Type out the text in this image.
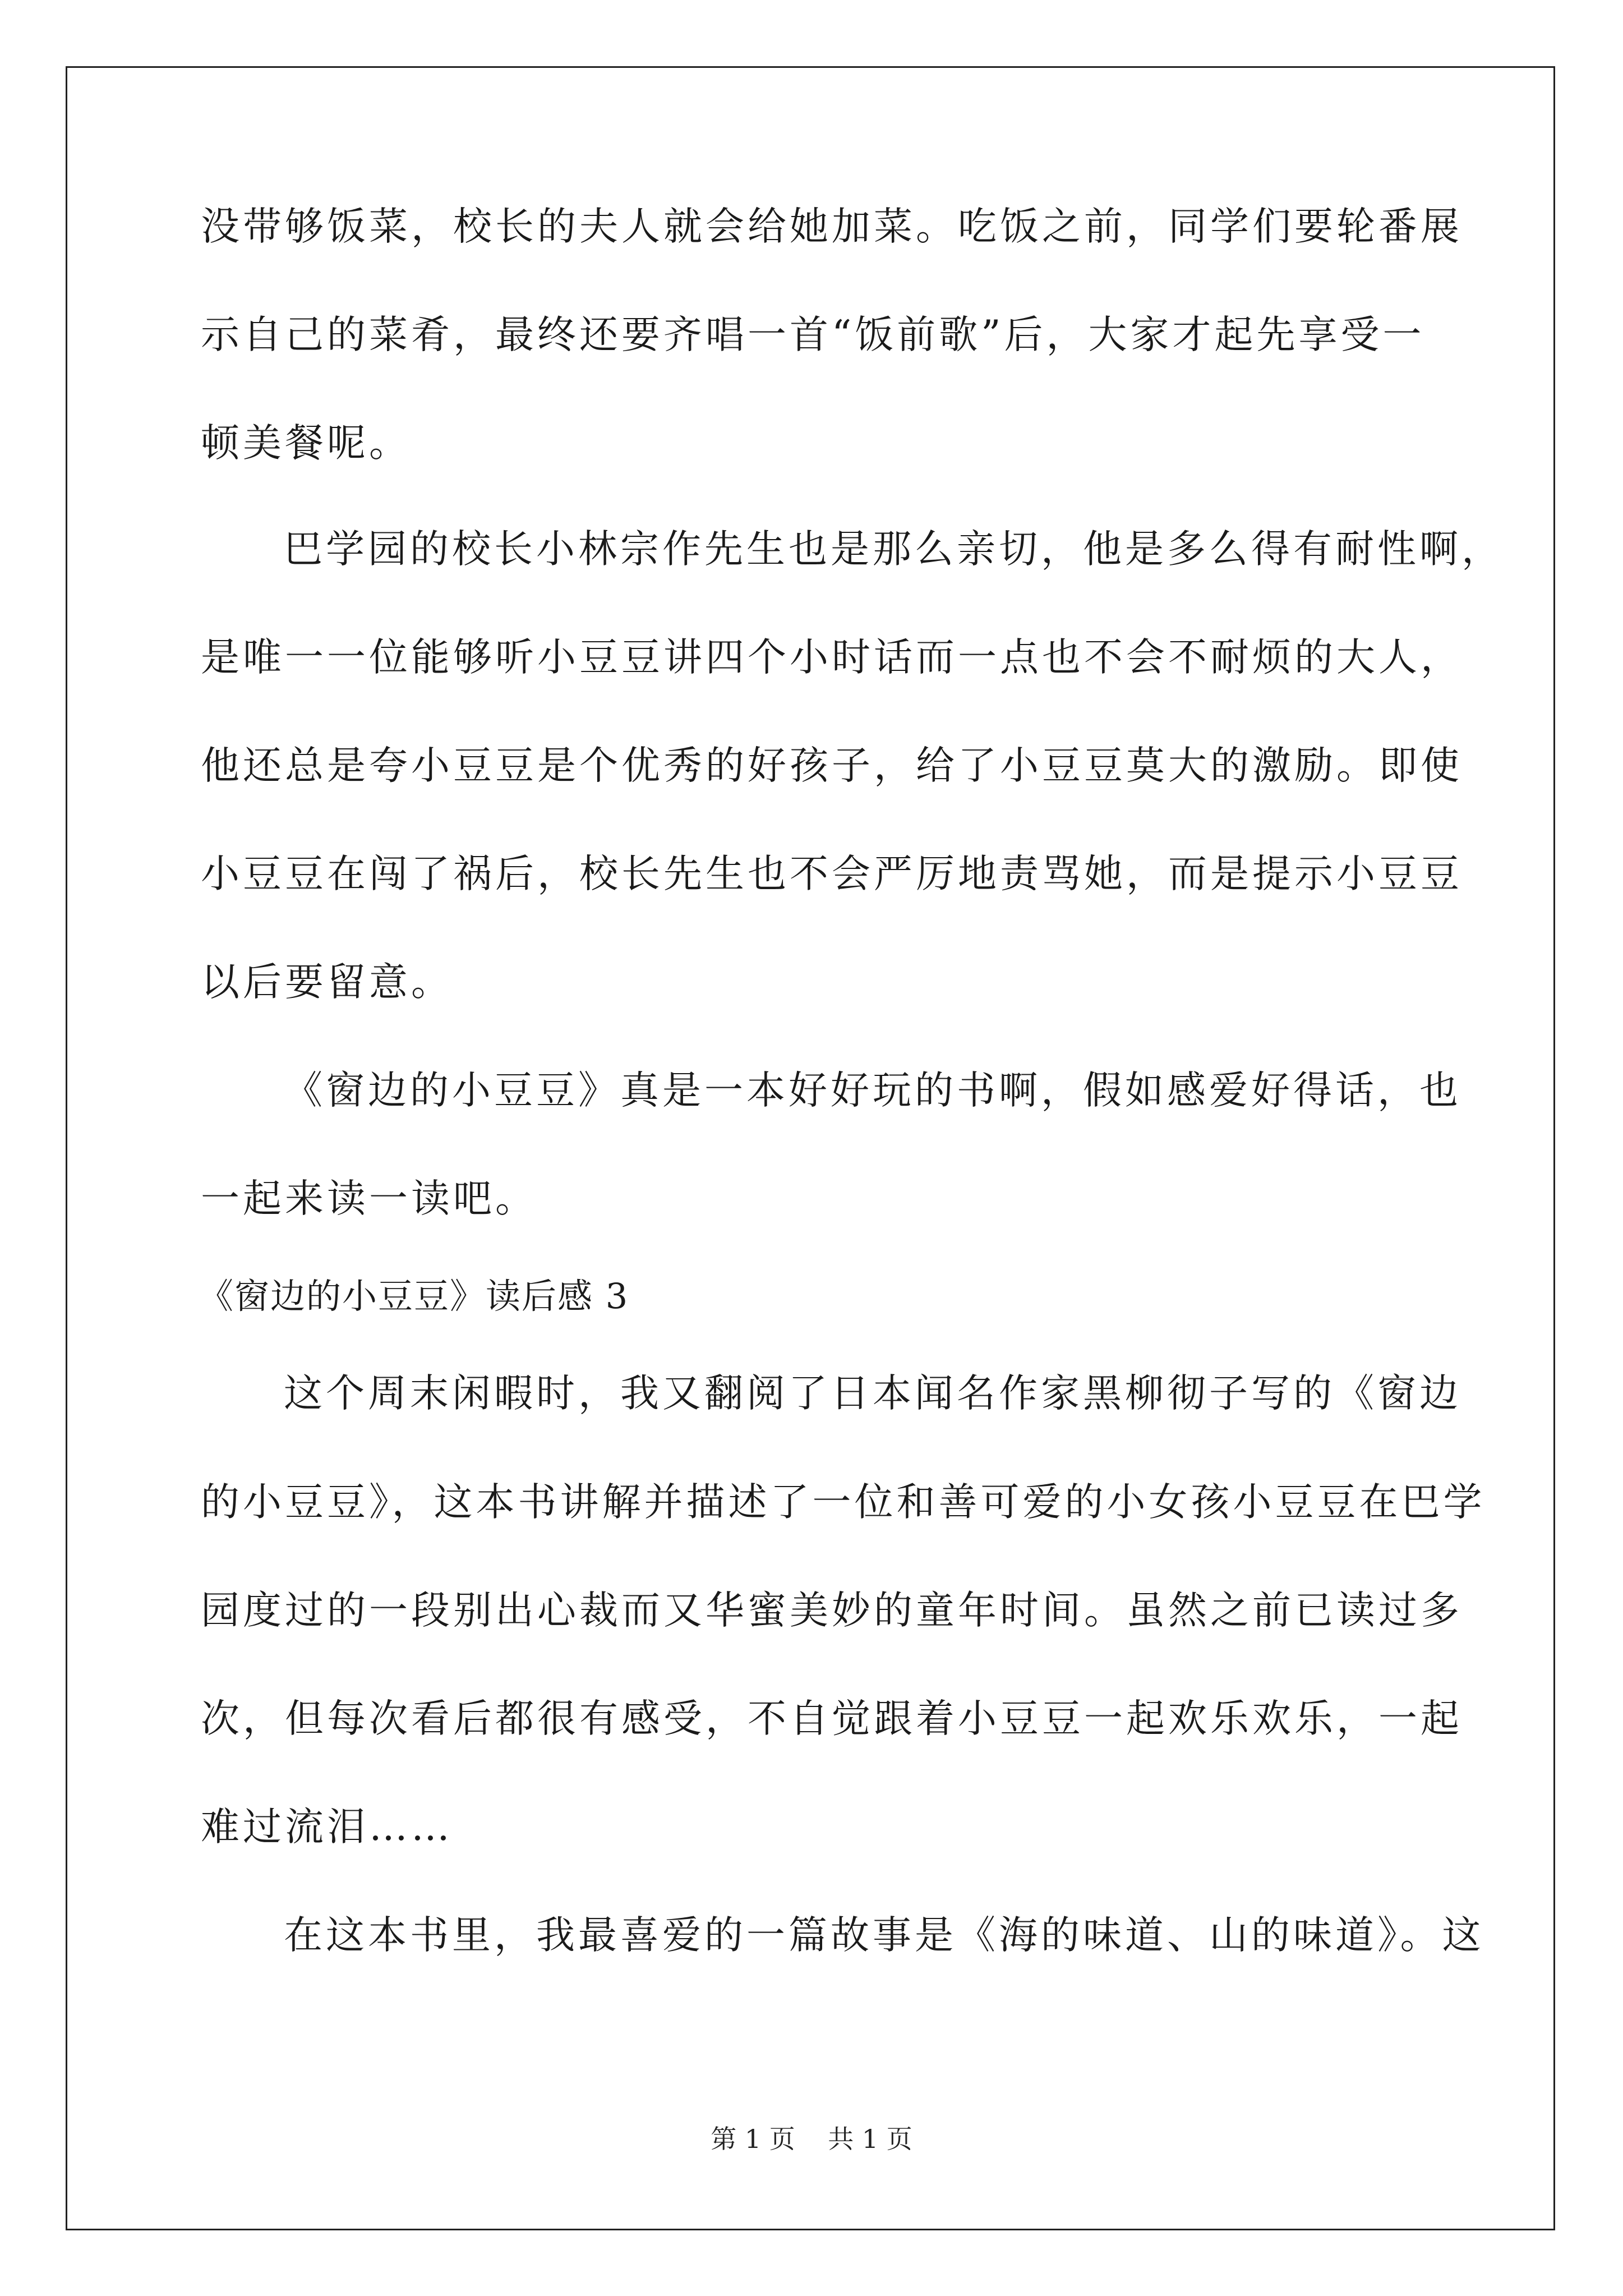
没带够饭菜，校长的夫人就会给她加菜。吃饭之前，同学们要轮番展
示自己的菜肴，最终还要齐唱一首“饭前歌”后，大家才起先享受一
顿美餐呢。
巴学园的校长小林宗作先生也是那么亲切，他是多么得有耐性啊，
是唯一一位能够听小豆豆讲四个小时话而一点也不会不耐烦的大人，
他还总是夸小豆豆是个优秀的好孩子，给了小豆豆莫大的激励。即使
小豆豆在闯了祸后，校长先生也不会严厉地责骂她，而是提示小豆豆
以后要留意。
《窗边的小豆豆》真是一本好好玩的书啊，假如感爱好得话，也
一起来读一读吧。
《窗边的小豆豆》读后感 3
这个周末闲暇时，我又翻阅了日本闻名作家黑柳彻子写的《窗边
的小豆豆》，这本书讲解并描述了一位和善可爱的小女孩小豆豆在巴学
园度过的一段别出心裁而又华蜜美妙的童年时间。虽然之前已读过多
次，但每次看后都很有感受，不自觉跟着小豆豆一起欢乐欢乐，一起
难过流泪……
在这本书里，我最喜爱的一篇故事是《海的味道、山的味道》。这
第 1 页    共 1 页
